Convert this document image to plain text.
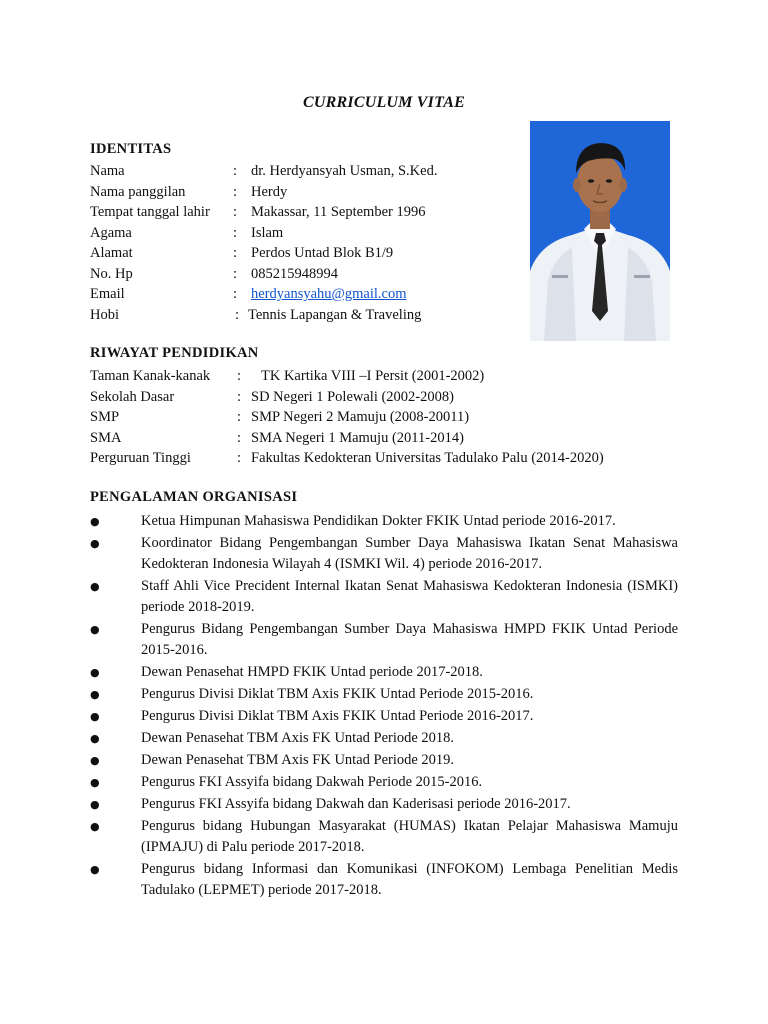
CURRICULUM VITAE
IDENTITAS
Nama	: dr. Herdyansyah Usman, S.Ked.
Nama panggilan	: Herdy
Tempat tanggal lahir : Makassar, 11 September 1996
Agama	: Islam
Alamat	: Perdos Untad Blok B1/9
No. Hp	: 085215948994
Email	: herdyansyahu@gmail.com
Hobi	: Tennis Lapangan & Traveling
RIWAYAT PENDIDIKAN
Taman Kanak-kanak : TK Kartika VIII –I Persit (2001-2002)
Sekolah Dasar	: SD Negeri 1 Polewali (2002-2008)
SMP	: SMP Negeri 2 Mamuju (2008-20011)
SMA	: SMA Negeri 1 Mamuju (2011-2014)
Perguruan Tinggi	: Fakultas Kedokteran Universitas Tadulako Palu (2014-2020)
PENGALAMAN ORGANISASI
●	Ketua Himpunan Mahasiswa Pendidikan Dokter FKIK Untad periode 2016-2017.
●	Koordinator Bidang Pengembangan Sumber Daya Mahasiswa Ikatan Senat Mahasiswa Kedokteran Indonesia Wilayah 4 (ISMKI Wil. 4) periode 2016-2017.
●	Staff Ahli Vice Precident Internal Ikatan Senat Mahasiswa Kedokteran Indonesia (ISMKI) periode 2018-2019.
●	Pengurus Bidang Pengembangan Sumber Daya Mahasiswa HMPD FKIK Untad Periode 2015-2016.
●	Dewan Penasehat HMPD FKIK Untad periode 2017-2018.
●	Pengurus Divisi Diklat TBM Axis FKIK Untad Periode 2015-2016.
●	Pengurus Divisi Diklat TBM Axis FKIK Untad Periode 2016-2017.
●	Dewan Penasehat TBM Axis FK Untad Periode 2018.
●	Dewan Penasehat TBM Axis FK Untad Periode 2019.
●	Pengurus FKI Assyifa bidang Dakwah Periode 2015-2016.
●	Pengurus FKI Assyifa bidang Dakwah dan Kaderisasi periode 2016-2017.
●	Pengurus bidang Hubungan Masyarakat (HUMAS) Ikatan Pelajar Mahasiswa Mamuju (IPMAJU) di Palu periode 2017-2018.
●	Pengurus bidang Informasi dan Komunikasi (INFOKOM) Lembaga Penelitian Medis Tadulako (LEPMET) periode 2017-2018.
